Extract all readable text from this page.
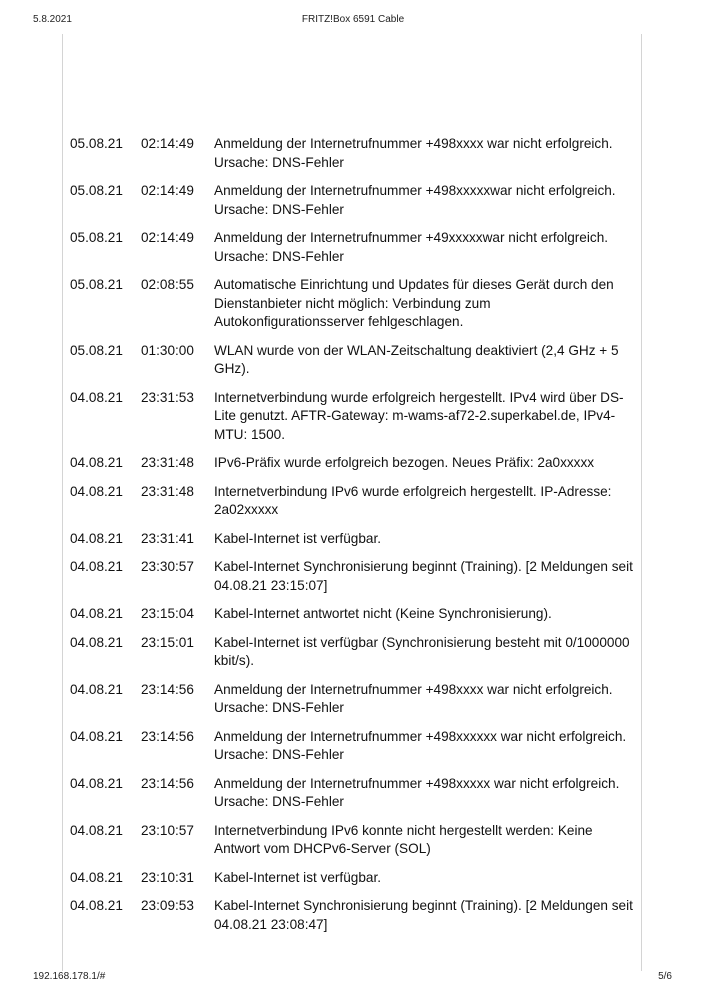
FRITZ!Box 6591 Cable
5.8.2021
05.08.21 02:14:49 Anmeldung der Internetrufnummer +498xxxx war nicht erfolgreich. Ursache: DNS-Fehler
05.08.21 02:14:49 Anmeldung der Internetrufnummer +498xxxxxwar nicht erfolgreich. Ursache: DNS-Fehler
05.08.21 02:14:49 Anmeldung der Internetrufnummer +49xxxxxwar nicht erfolgreich. Ursache: DNS-Fehler
05.08.21 02:08:55 Automatische Einrichtung und Updates für dieses Gerät durch den Dienstanbieter nicht möglich: Verbindung zum Autokonfigurationsserver fehlgeschlagen.
05.08.21 01:30:00 WLAN wurde von der WLAN-Zeitschaltung deaktiviert (2,4 GHz + 5 GHz).
04.08.21 23:31:53 Internetverbindung wurde erfolgreich hergestellt. IPv4 wird über DS-Lite genutzt. AFTR-Gateway: m-wams-af72-2.superkabel.de, IPv4-MTU: 1500.
04.08.21 23:31:48 IPv6-Präfix wurde erfolgreich bezogen. Neues Präfix: 2a0xxxxx
04.08.21 23:31:48 Internetverbindung IPv6 wurde erfolgreich hergestellt. IP-Adresse: 2a02xxxxx
04.08.21 23:31:41 Kabel-Internet ist verfügbar.
04.08.21 23:30:57 Kabel-Internet Synchronisierung beginnt (Training). [2 Meldungen seit 04.08.21 23:15:07]
04.08.21 23:15:04 Kabel-Internet antwortet nicht (Keine Synchronisierung).
04.08.21 23:15:01 Kabel-Internet ist verfügbar (Synchronisierung besteht mit 0/1000000 kbit/s).
04.08.21 23:14:56 Anmeldung der Internetrufnummer +498xxxx war nicht erfolgreich. Ursache: DNS-Fehler
04.08.21 23:14:56 Anmeldung der Internetrufnummer +498xxxxxx war nicht erfolgreich. Ursache: DNS-Fehler
04.08.21 23:14:56 Anmeldung der Internetrufnummer +498xxxxx war nicht erfolgreich. Ursache: DNS-Fehler
04.08.21 23:10:57 Internetverbindung IPv6 konnte nicht hergestellt werden: Keine Antwort vom DHCPv6-Server (SOL)
04.08.21 23:10:31 Kabel-Internet ist verfügbar.
04.08.21 23:09:53 Kabel-Internet Synchronisierung beginnt (Training). [2 Meldungen seit 04.08.21 23:08:47]
192.168.178.1/#	5/6
